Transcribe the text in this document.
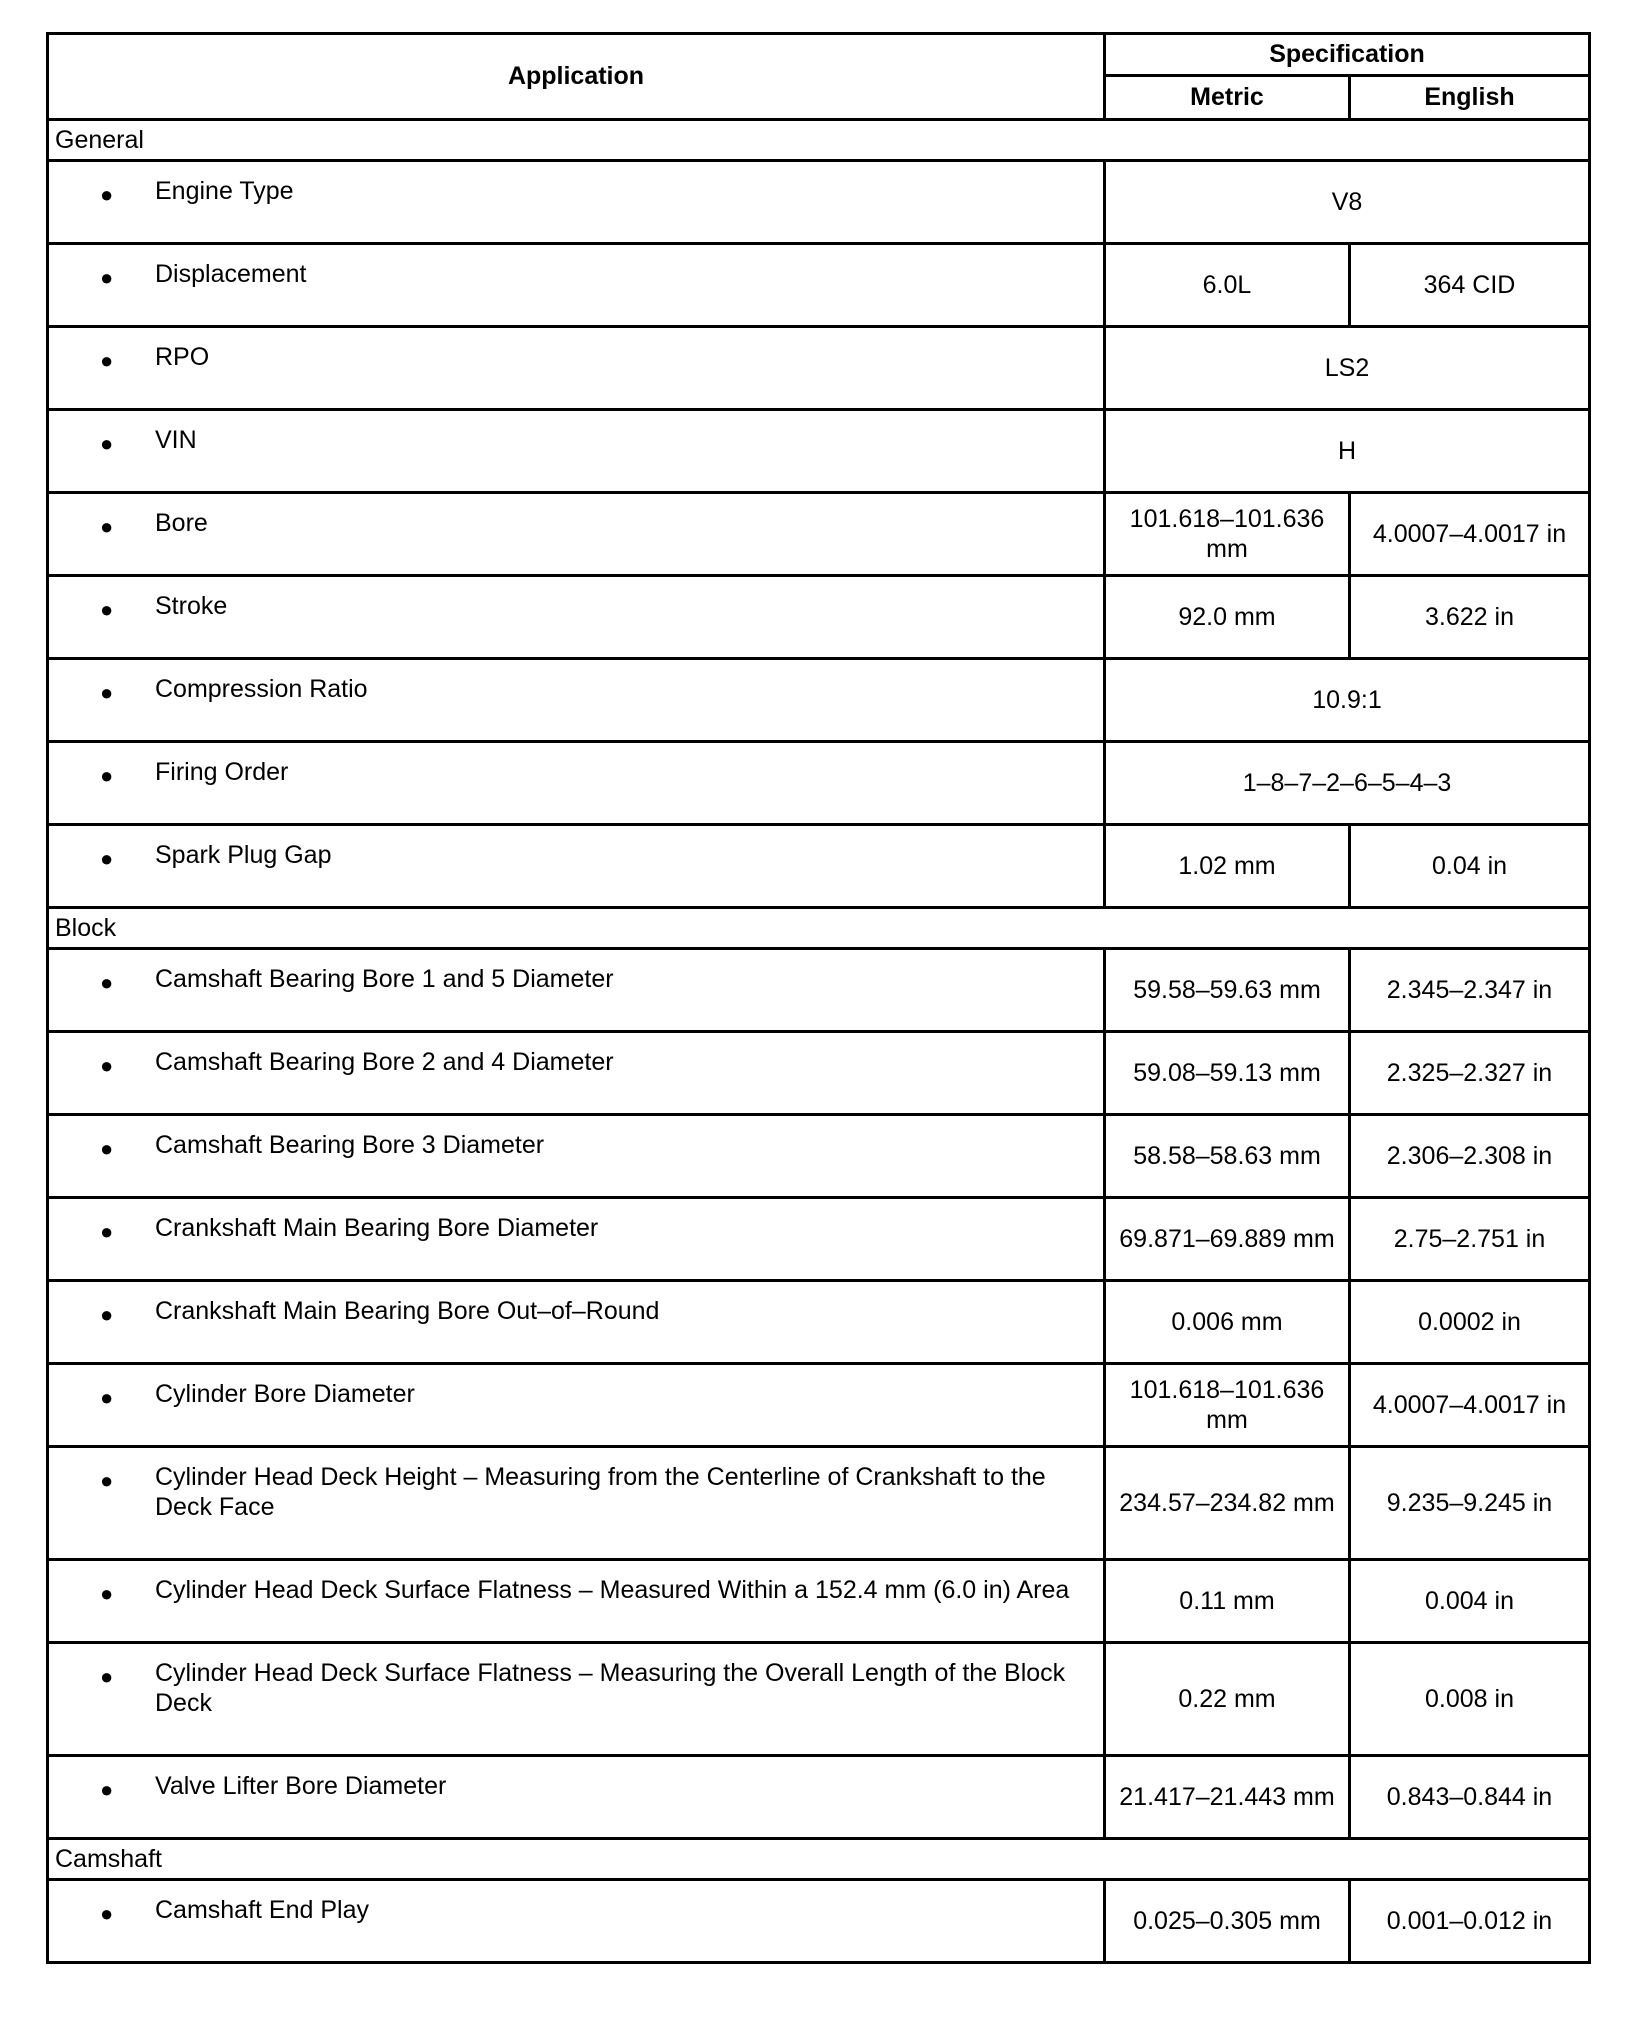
Application	Specification	
	Metric	English
General		

● Engine Type	V8	

● Displacement	6.0L	364 CID

● RPO	LS2	

● VIN	H	

● Bore	101.618–101.636 mm	4.0007–4.0017 in

● Stroke	92.0 mm	3.622 in

● Compression Ratio	10.9:1	

● Firing Order	1–8–7–2–6–5–4–3	

● Spark Plug Gap	1.02 mm	0.04 in
Block		

● Camshaft Bearing Bore 1 and 5 Diameter	59.58–59.63 mm	2.345–2.347 in

● Camshaft Bearing Bore 2 and 4 Diameter	59.08–59.13 mm	2.325–2.327 in

● Camshaft Bearing Bore 3 Diameter	58.58–58.63 mm	2.306–2.308 in

● Crankshaft Main Bearing Bore Diameter	69.871–69.889 mm	2.75–2.751 in

● Crankshaft Main Bearing Bore Out–of–Round	0.006 mm	0.0002 in

● Cylinder Bore Diameter	101.618–101.636 mm	4.0007–4.0017 in

● Cylinder Head Deck Height – Measuring from the Centerline of Crankshaft to the Deck Face	234.57–234.82 mm	9.235–9.245 in

● Cylinder Head Deck Surface Flatness – Measured Within a 152.4 mm (6.0 in) Area	0.11 mm	0.004 in

● Cylinder Head Deck Surface Flatness – Measuring the Overall Length of the Block Deck	0.22 mm	0.008 in

● Valve Lifter Bore Diameter	21.417–21.443 mm	0.843–0.844 in
Camshaft		

● Camshaft End Play	0.025–0.305 mm	0.001–0.012 in
